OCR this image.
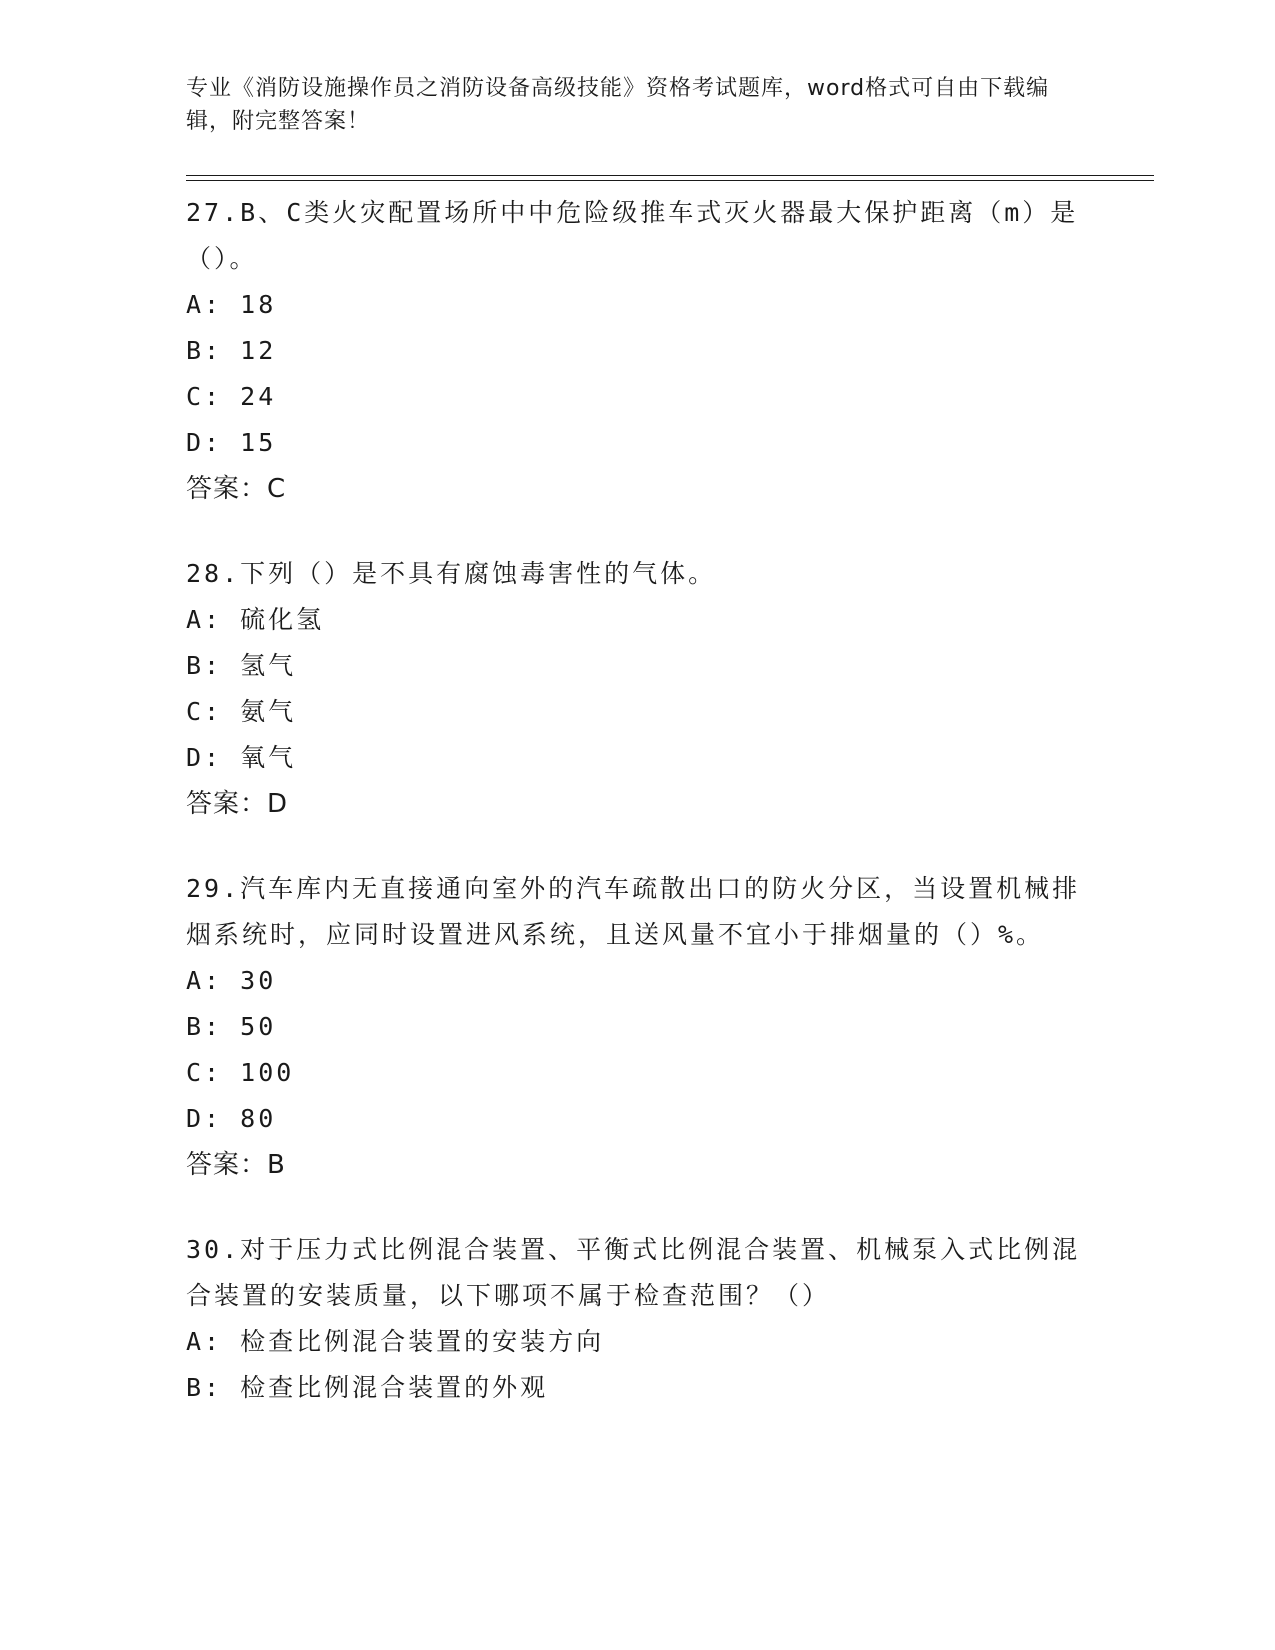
专业《消防设施操作员之消防设备高级技能》资格考试题库，word格式可自由下载编辑，附完整答案！

27.B、C类火灾配置场所中中危险级推车式灭火器最大保护距离（m）是（）。

A: 18

B: 12

C: 24

D: 15

答案：C

28.下列（）是不具有腐蚀毒害性的气体。

A: 硫化氢

B: 氢气

C: 氨气

D: 氧气

答案：D

29.汽车库内无直接通向室外的汽车疏散出口的防火分区，当设置机械排烟系统时，应同时设置进风系统，且送风量不宜小于排烟量的（）%。

A: 30

B: 50

C: 100

D: 80

答案：B

30.对于压力式比例混合装置、平衡式比例混合装置、机械泵入式比例混合装置的安装质量，以下哪项不属于检查范围？（）

A: 检查比例混合装置的安装方向

B: 检查比例混合装置的外观
